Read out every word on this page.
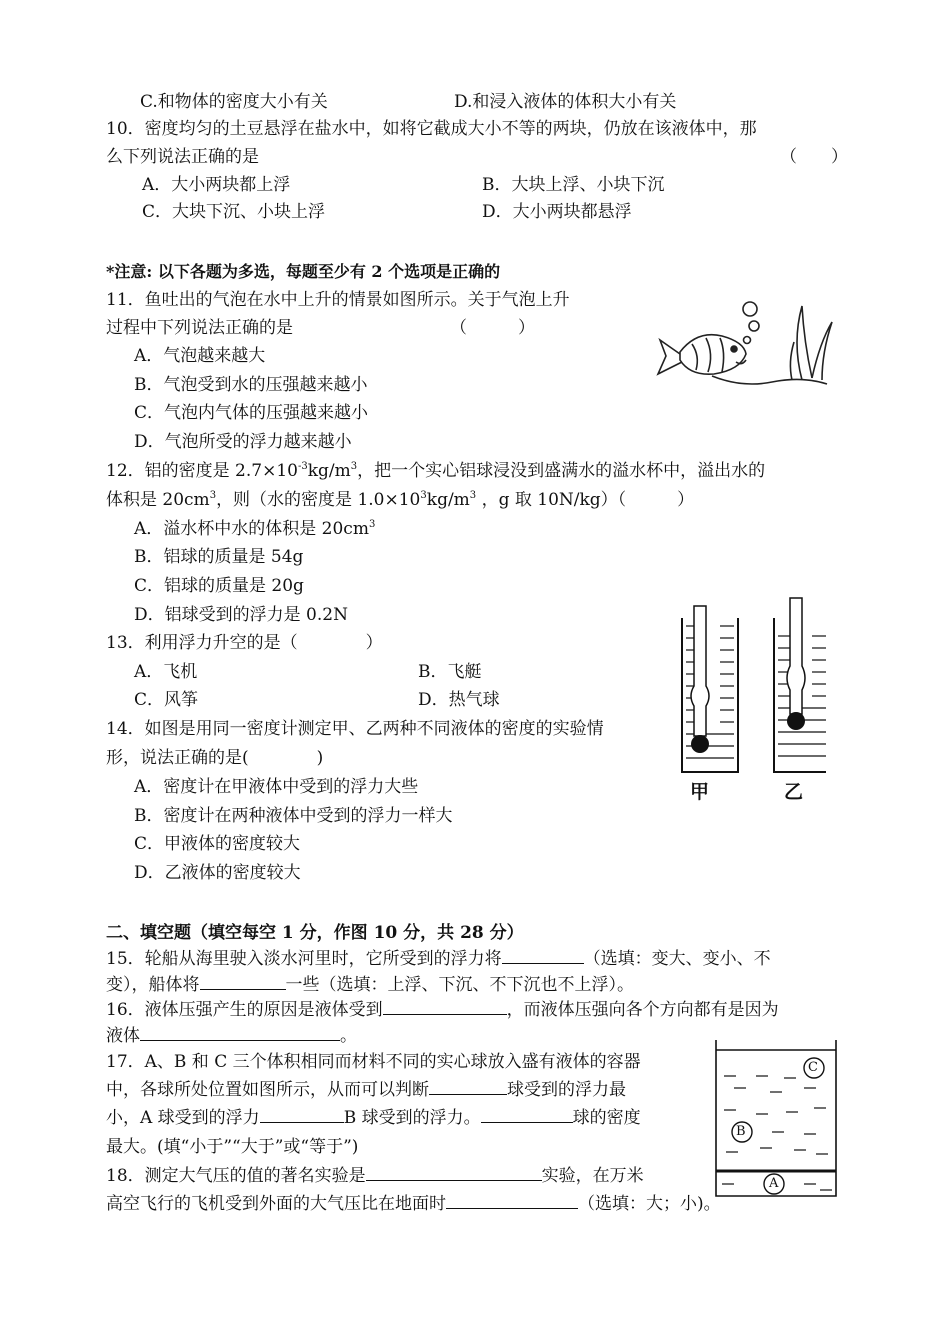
C.和物体的密度大小有关	D.和浸入液体的体积大小有关
10．密度均匀的土豆悬浮在盐水中，如将它截成大小不等的两块，仍放在该液体中，那
么下列说法正确的是	（　　）
A．大小两块都上浮	B．大块上浮、小块下沉
C．大块下沉、小块上浮	D．大小两块都悬浮
*注意: 以下各题为多选，每题至少有 2 个选项是正确的
11．鱼吐出的气泡在水中上升的情景如图所示。关于气泡上升
过程中下列说法正确的是	（　　　）
A．气泡越来越大
B．气泡受到水的压强越来越小
C．气泡内气体的压强越来越小
D．气泡所受的浮力越来越小
12．铝的密度是 $2.7\times 10^{-3}kg/m^3$，把一个实心铝球浸没到盛满水的溢水杯中，溢出水的
体积是 $20cm^3$，则（水的密度是 $1.0\times 10^3kg/m^3$ ，g 取 10N/kg）（　　　）
A．溢水杯中水的体积是 $20cm^3$
B．铝球的质量是 54g
C．铝球的质量是 20g
D．铝球受到的浮力是 0.2N
13．利用浮力升空的是（　　　　）
A．飞机	B．飞艇
C．风筝	D．热气球
甲	乙
14．如图是用同一密度计测定甲、乙两种不同液体的密度的实验情
形，说法正确的是(　　　　)
A．密度计在甲液体中受到的浮力大些
B．密度计在两种液体中受到的浮力一样大
C．甲液体的密度较大
D．乙液体的密度较大
二、填空题（填空每空 1 分，作图 10 分，共 28 分）
15．轮船从海里驶入淡水河里时，它所受到的浮力将	（选填：变大、变小、不
变），船体将	一些（选填：上浮、下沉、不下沉也不上浮）。
16．液体压强产生的原因是液体受到	，而液体压强向各个方向都有是因为
液体	。
17．A、B 和 C 三个体积相同而材料不同的实心球放入盛有液体的容器
中，各球所处位置如图所示，从而可以判断	球受到的浮力最
小，A 球受到的浮力	B 球受到的浮力。	球的密度
最大。(填“小于”“大于”或“等于”)
C
B
A
18．测定大气压的值的著名实验是	实验，在万米
高空飞行的飞机受到外面的大气压比在地面时	（选填：大；小)。
